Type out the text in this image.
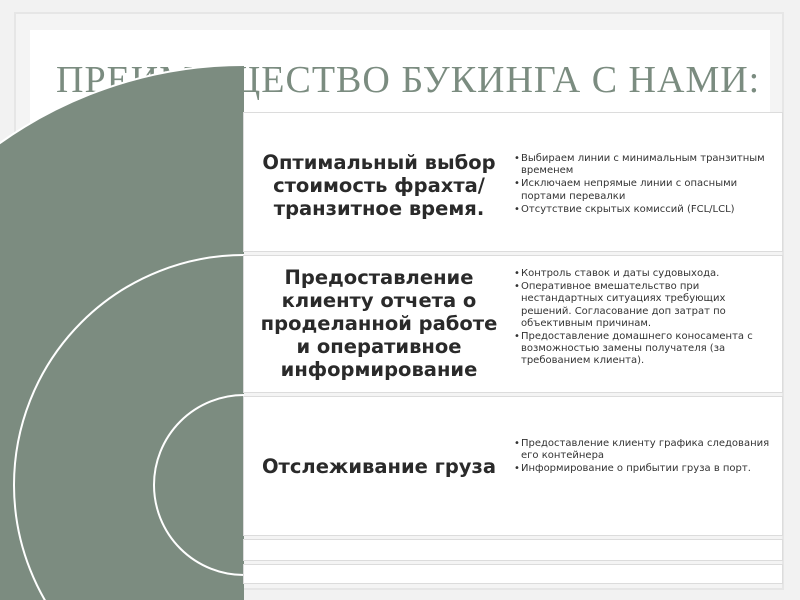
ПРЕИМУЩЕСТВО БУКИНГА С НАМИ:
Оптимальный выбор стоимость фрахта/ транзитное время.
• Выбираем линии с минимальным транзитным временем
• Исключаем непрямые линии с опасными портами перевалки
• Отсутствие скрытых комиссий (FCL/LCL)
Предоставление клиенту отчета о проделанной работе и оперативное информирование
• Контроль ставок и даты судовыхода.
• Оперативное вмешательство при нестандартных ситуациях требующих решений. Согласование доп затрат по объективным причинам.
• Предоставление домашнего коносамента с возможностью замены получателя (за требованием клиента).
Отслеживание груза
• Предоставление клиенту графика следования его контейнера
• Информирование о прибытии груза в порт.
